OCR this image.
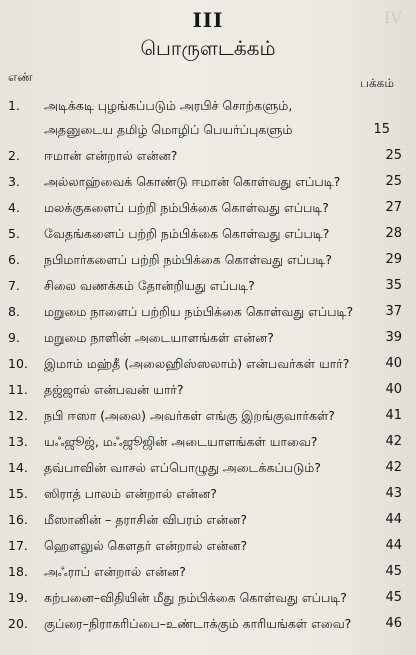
IV
III
பொருளடக்கம்
எண்	பக்கம்
1.	அடிக்கடி புழங்கப்படும் அரபிச் சொற்களும்,
அதனுடைய தமிழ் மொழிப் பெயர்ப்புகளும்	15
2.	ஈமான் என்றால் என்ன?	25
3.	அல்லாஹ்வைக் கொண்டு ஈமான் கொள்வது எப்படி?	25
4.	மலக்குகளைப் பற்றி நம்பிக்கை கொள்வது எப்படி?	27
5.	வேதங்களைப் பற்றி நம்பிக்கை கொள்வது எப்படி?	28
6.	நபிமார்களைப் பற்றி நம்பிக்கை கொள்வது எப்படி?	29
7.	சிலை வணக்கம் தோன்றியது எப்படி?	35
8.	மறுமை நாளைப் பற்றிய நம்பிக்கை கொள்வது எப்படி?	37
9.	மறுமை நாளின் அடையாளங்கள் என்ன?	39
10.	இமாம் மஹ்தீ (அலைஹிஸ்ஸலாம்) என்பவர்கள் யார்?	40
11.	தஜ்ஜால் என்பவன் யார்?	40
12.	நபி ஈஸா (அலை) அவர்கள் எங்கு இறங்குவார்கள்?	41
13.	யஃஜூஜ், மஃஜூஜின் அடையாளங்கள் யாவை?	42
14.	தவ்பாவின் வாசல் எப்பொழுது அடைக்கப்படும்?	42
15.	ஸிராத் பாலம் என்றால் என்ன?	43
16.	மீஸானின் – தராசின் விபரம் என்ன?	44
17.	ஹௌலுல் கௌதர் என்றால் என்ன?	44
18.	அஃராப் என்றால் என்ன?	45
19.	கற்பனை–விதியின் மீது நம்பிக்கை கொள்வது எப்படி?	45
20.	குப்ரை–நிராகரிப்பை–உண்டாக்கும் காரியங்கள் எவை?	46
